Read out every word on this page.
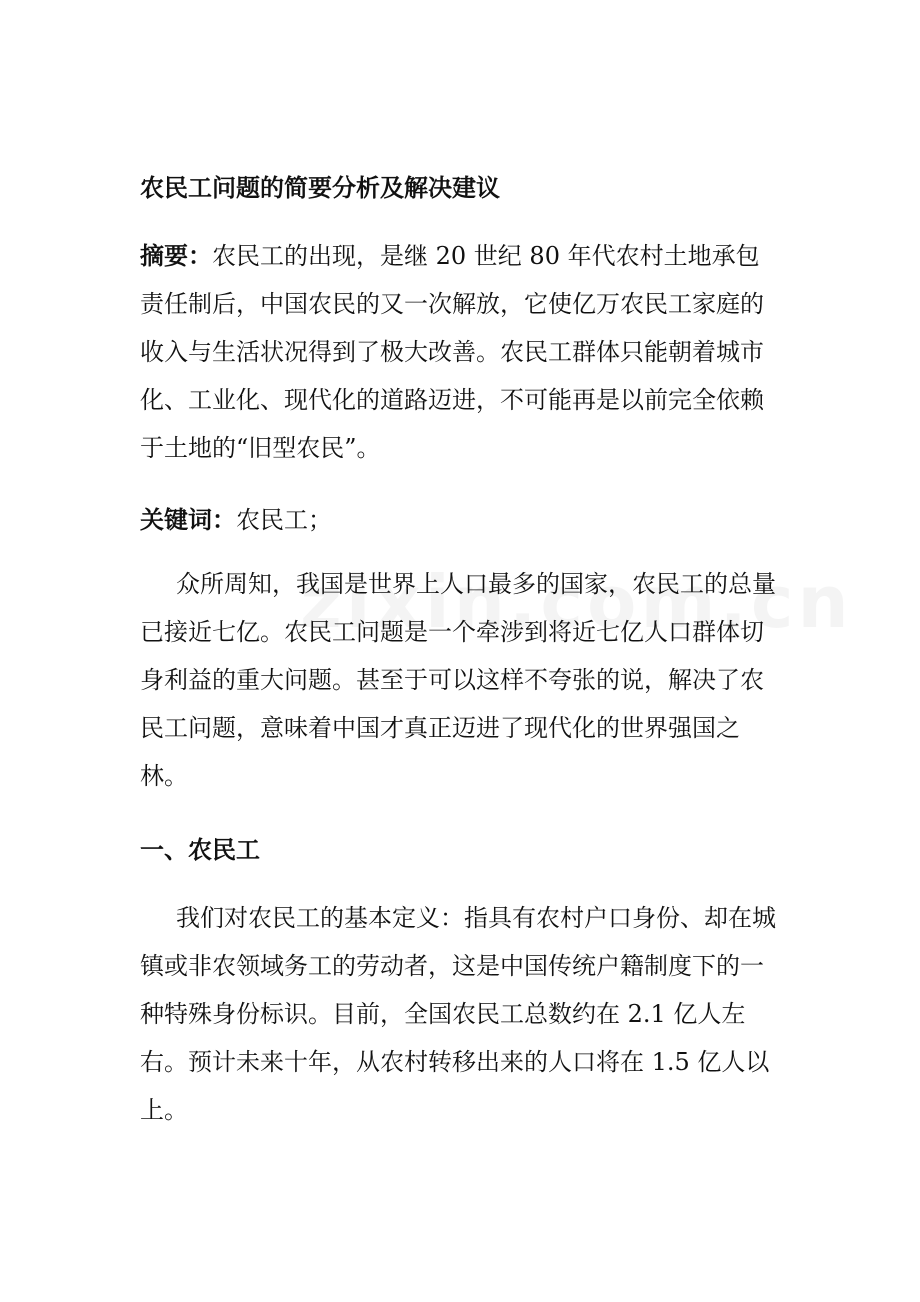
农民工问题的简要分析及解决建议
摘要：农民工的出现，是继 20 世纪 80 年代农村土地承包责任制后，中国农民的又一次解放，它使亿万农民工家庭的收入与生活状况得到了极大改善。农民工群体只能朝着城市化、工业化、现代化的道路迈进，不可能再是以前完全依赖于土地的“旧型农民”。
关键词：农民工；
众所周知，我国是世界上人口最多的国家，农民工的总量已接近七亿。农民工问题是一个牵涉到将近七亿人口群体切身利益的重大问题。甚至于可以这样不夸张的说，解决了农民工问题，意味着中国才真正迈进了现代化的世界强国之林。
一、农民工
我们对农民工的基本定义：指具有农村户口身份、却在城镇或非农领域务工的劳动者，这是中国传统户籍制度下的一种特殊身份标识。目前，全国农民工总数约在 2.1 亿人左右。预计未来十年，从农村转移出来的人口将在 1.5 亿人以上。
